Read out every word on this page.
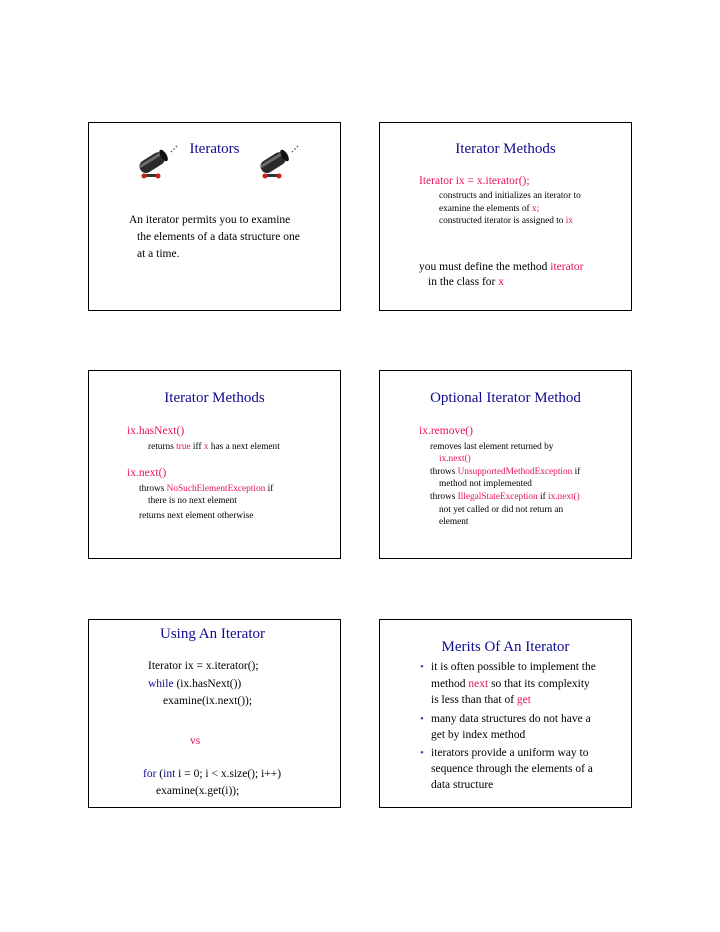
Iterators
An iterator permits you to examine
the elements of a data structure one
at a time.
Iterator Methods
Iterator ix = x.iterator();
constructs and initializes an iterator to
examine the elements of x;
constructed iterator is assigned to ix
you must define the method iterator
in the class for x
Iterator Methods
ix.hasNext()
returns true iff x has a next element
ix.next()
throws NoSuchElementException if
there is no next element
returns next element otherwise
Optional Iterator Method
ix.remove()
removes last element returned by
ix.next()
throws UnsupportedMethodException if
method not implemented
throws IllegalStateException if ix.next()
not yet called or did not return an
element
Using An Iterator
Iterator ix = x.iterator();
while (ix.hasNext())
examine(ix.next());
vs
for (int i = 0; i < x.size(); i++)
examine(x.get(i));
Merits Of An Iterator
• it is often possible to implement the
method next so that its complexity
is less than that of get
• many data structures do not have a
get by index method
• iterators provide a uniform way to
sequence through the elements of a
data structure
